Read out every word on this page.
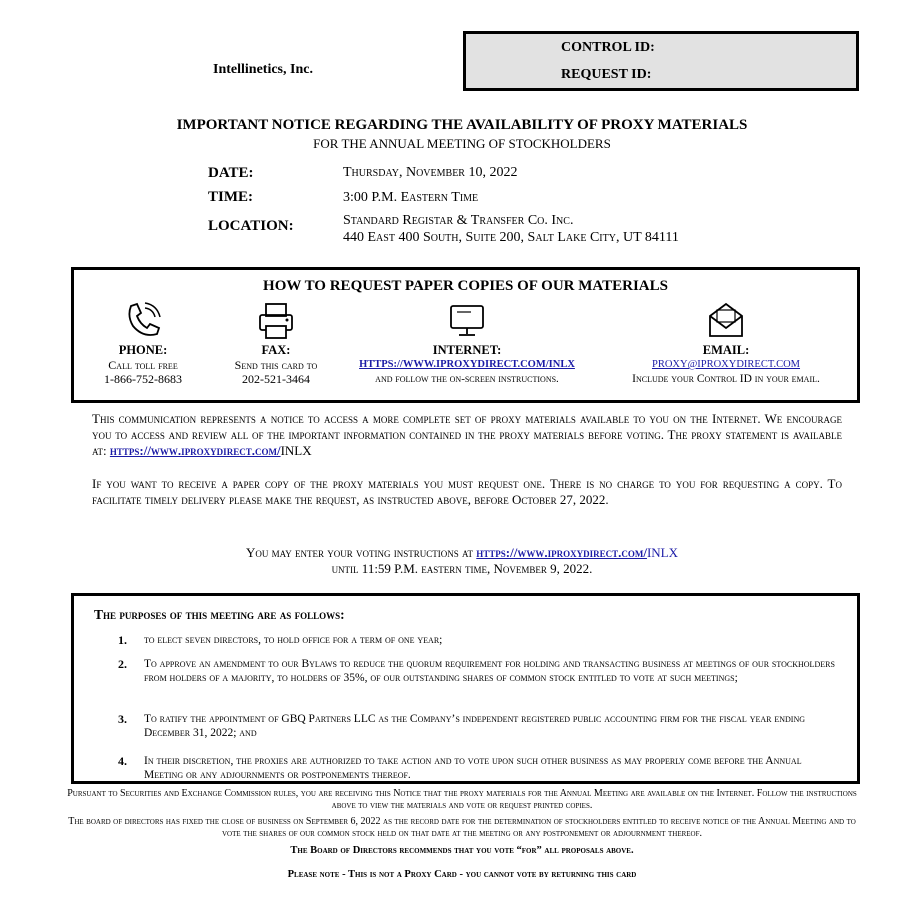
Intellinetics, Inc.
CONTROL ID:
REQUEST ID:
IMPORTANT NOTICE REGARDING THE AVAILABILITY OF PROXY MATERIALS
FOR THE ANNUAL MEETING OF STOCKHOLDERS
DATE:	Thursday, November 10, 2022
TIME:	3:00 P.M. Eastern Time
LOCATION:	Standard Registar & Transfer Co. Inc.
440 East 400 South, Suite 200, Salt Lake City, UT 84111
HOW TO REQUEST PAPER COPIES OF OUR MATERIALS
PHONE:
Call toll free
1-866-752-8683
FAX:
Send this card to
202-521-3464
INTERNET:
HTTPS://WWW.IPROXYDIRECT.COM/INLX
and follow the on-screen instructions.
EMAIL:
PROXY@IPROXYDIRECT.COM
Include your Control ID in your email.
This communication represents a notice to access a more complete set of proxy materials available to you on the Internet. We encourage you to access and review all of the important information contained in the proxy materials before voting. The proxy statement is available at: https://www.iproxydirect.com/INLX
If you want to receive a paper copy of the proxy materials you must request one. There is no charge to you for requesting a copy. To facilitate timely delivery please make the request, as instructed above, before October 27, 2022.
You may enter your voting instructions at https://www.iproxydirect.com/INLX
until 11:59 P.M. eastern time, November 9, 2022.
The purposes of this meeting are as follows:
1. to elect seven directors, to hold office for a term of one year;
2. To approve an amendment to our Bylaws to reduce the quorum requirement for holding and transacting business at meetings of our stockholders from holders of a majority, to holders of 35%, of our outstanding shares of common stock entitled to vote at such meetings;
3. To ratify the appointment of GBQ Partners LLC as the Company’s independent registered public accounting firm for the fiscal year ending December 31, 2022; and
4. In their discretion, the proxies are authorized to take action and to vote upon such other business as may properly come before the Annual Meeting or any adjournments or postponements thereof.
Pursuant to Securities and Exchange Commission rules, you are receiving this Notice that the proxy materials for the Annual Meeting are available on the Internet. Follow the instructions above to view the materials and vote or request printed copies.
The board of directors has fixed the close of business on September 6, 2022 as the record date for the determination of stockholders entitled to receive notice of the Annual Meeting and to vote the shares of our common stock held on that date at the meeting or any postponement or adjournment thereof.
The Board of Directors recommends that you vote “for” all proposals above.
Please note - This is not a Proxy Card - you cannot vote by returning this card
